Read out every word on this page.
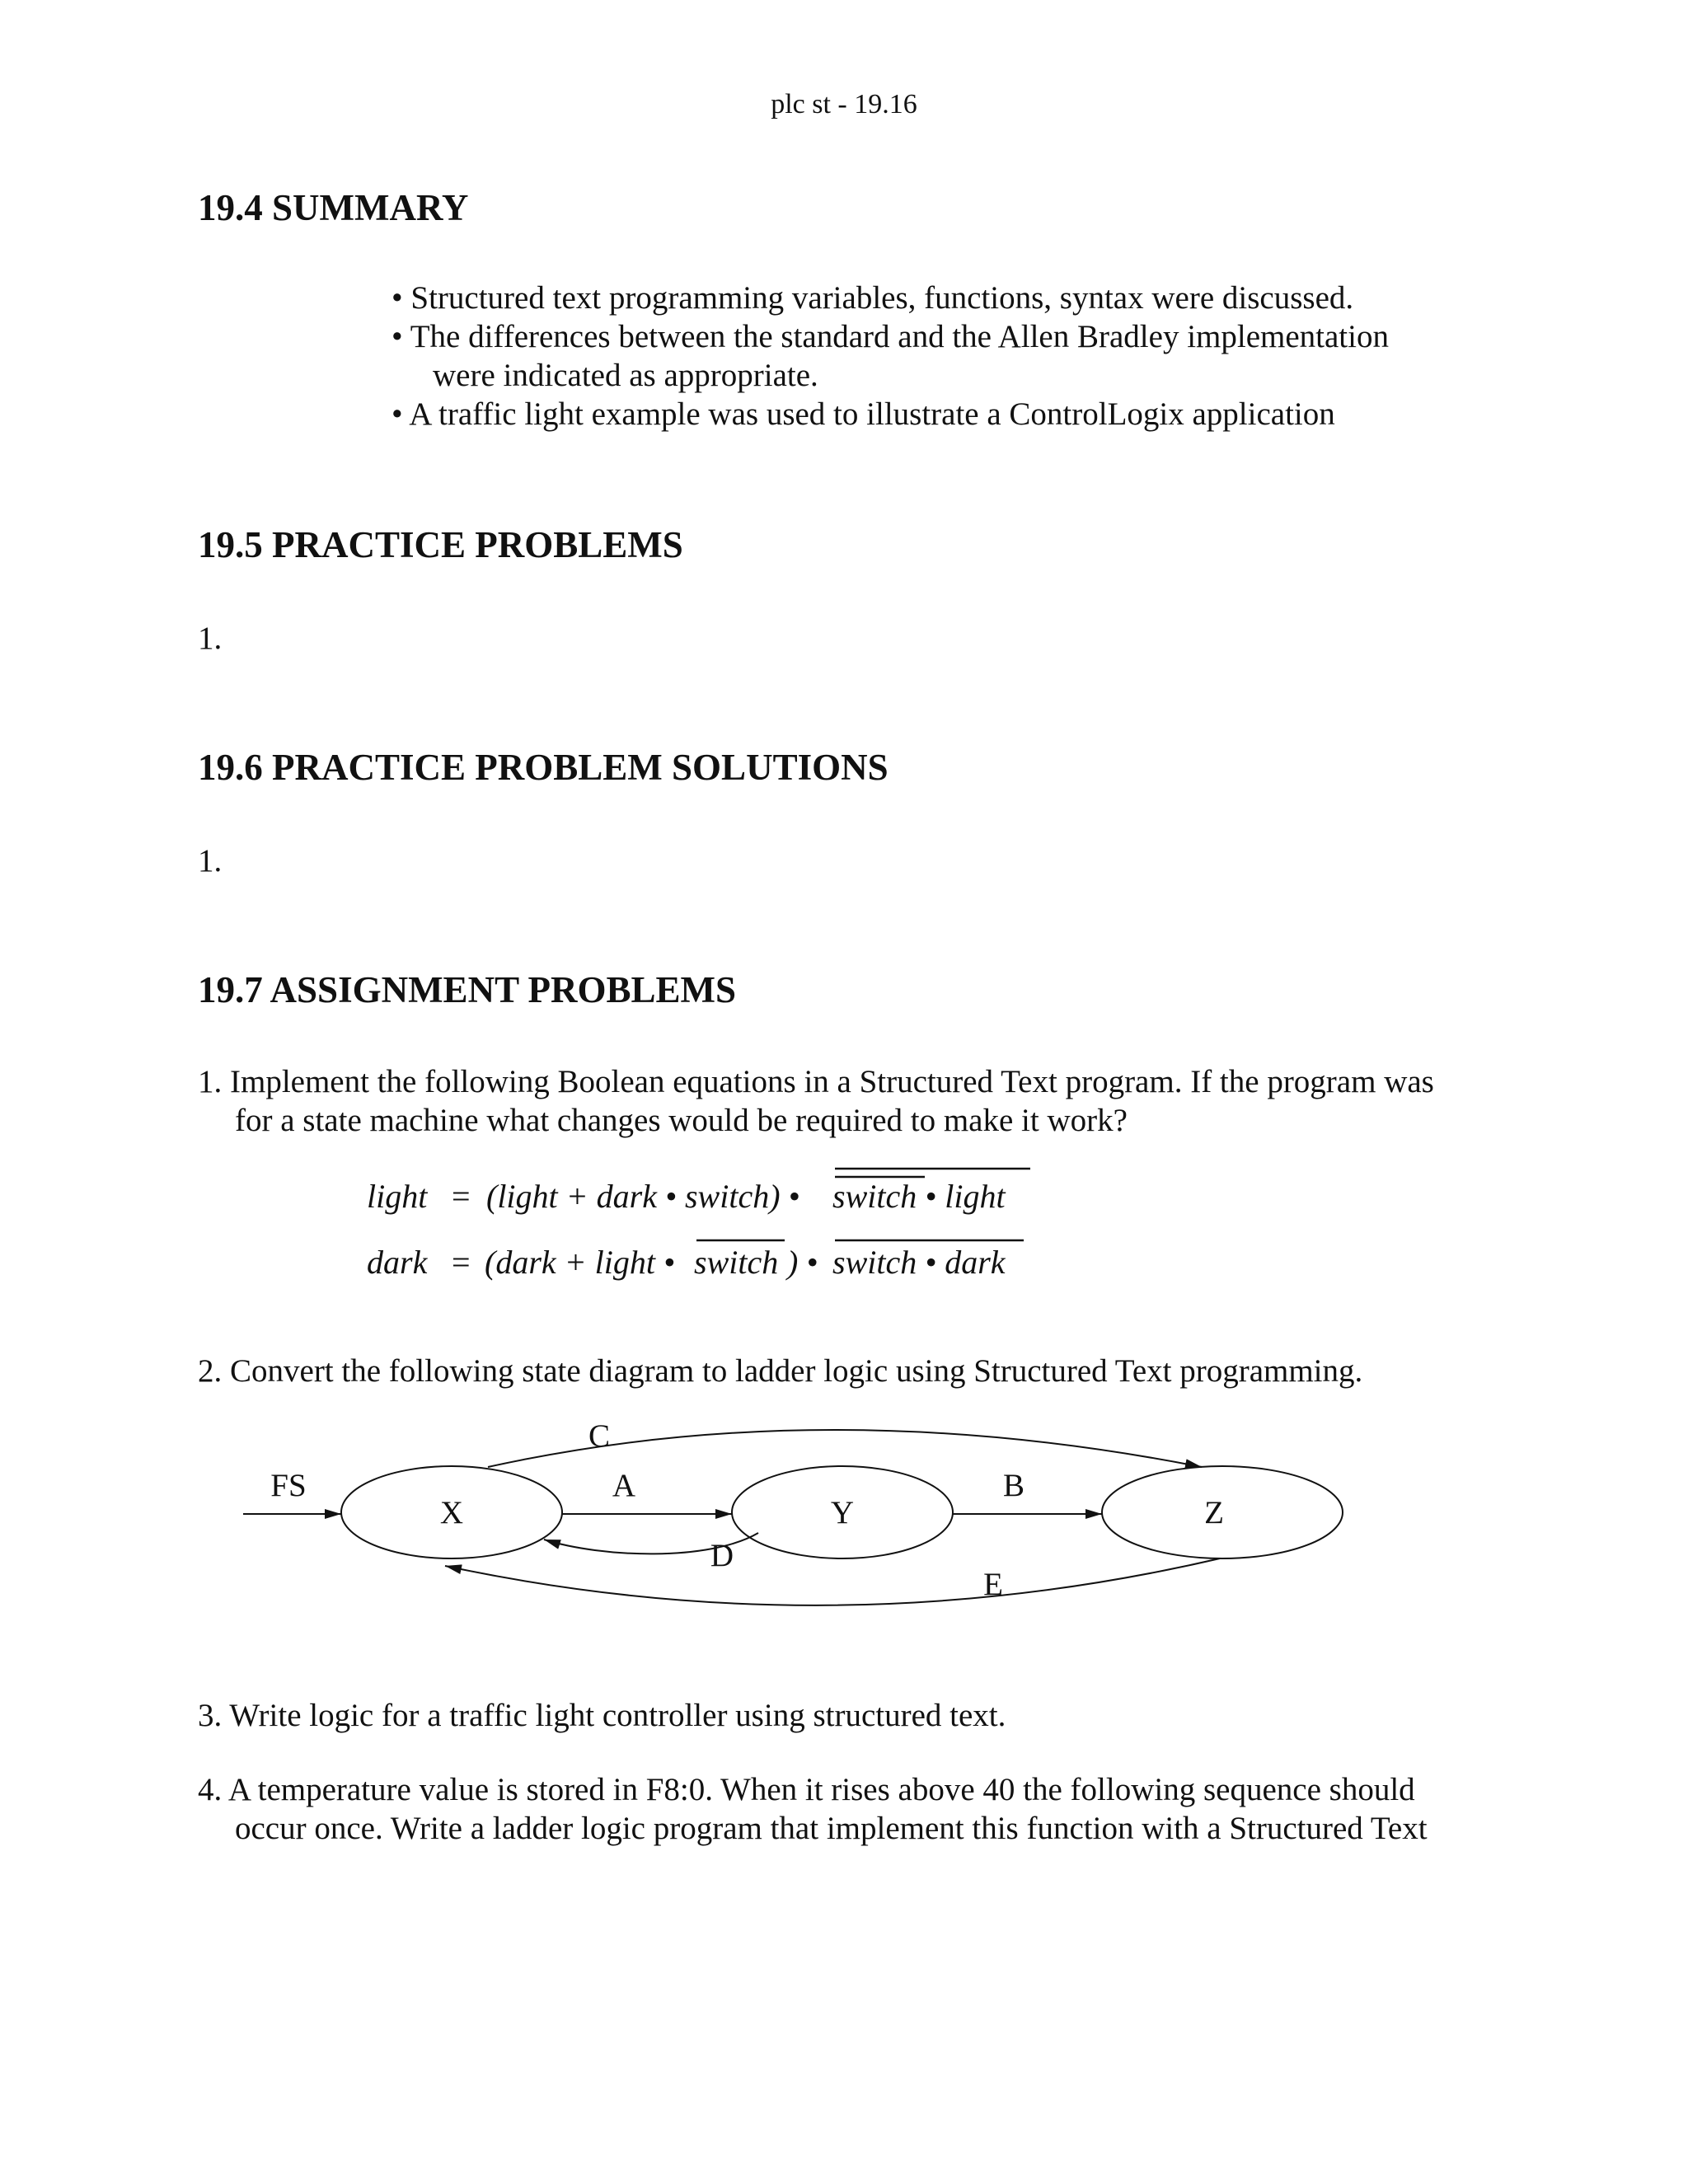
plc st - 19.16
19.4 SUMMARY
• Structured text programming variables, functions, syntax were discussed.
• The differences between the standard and the Allen Bradley implementation
were indicated as appropriate.
• A traffic light example was used to illustrate a ControlLogix application
19.5 PRACTICE PROBLEMS
1.
19.6 PRACTICE PROBLEM SOLUTIONS
1.
19.7 ASSIGNMENT PROBLEMS
1. Implement the following Boolean equations in a Structured Text program. If the program was
for a state machine what changes would be required to make it work?
light = (light + dark • switch) • switch • light
dark = (dark + light • switch ) • switch • dark
2. Convert the following state diagram to ladder logic using Structured Text programming.
X	Y	Z
FS	A	B
C
D
E
3. Write logic for a traffic light controller using structured text.
4. A temperature value is stored in F8:0. When it rises above 40 the following sequence should
occur once. Write a ladder logic program that implement this function with a Structured Text
